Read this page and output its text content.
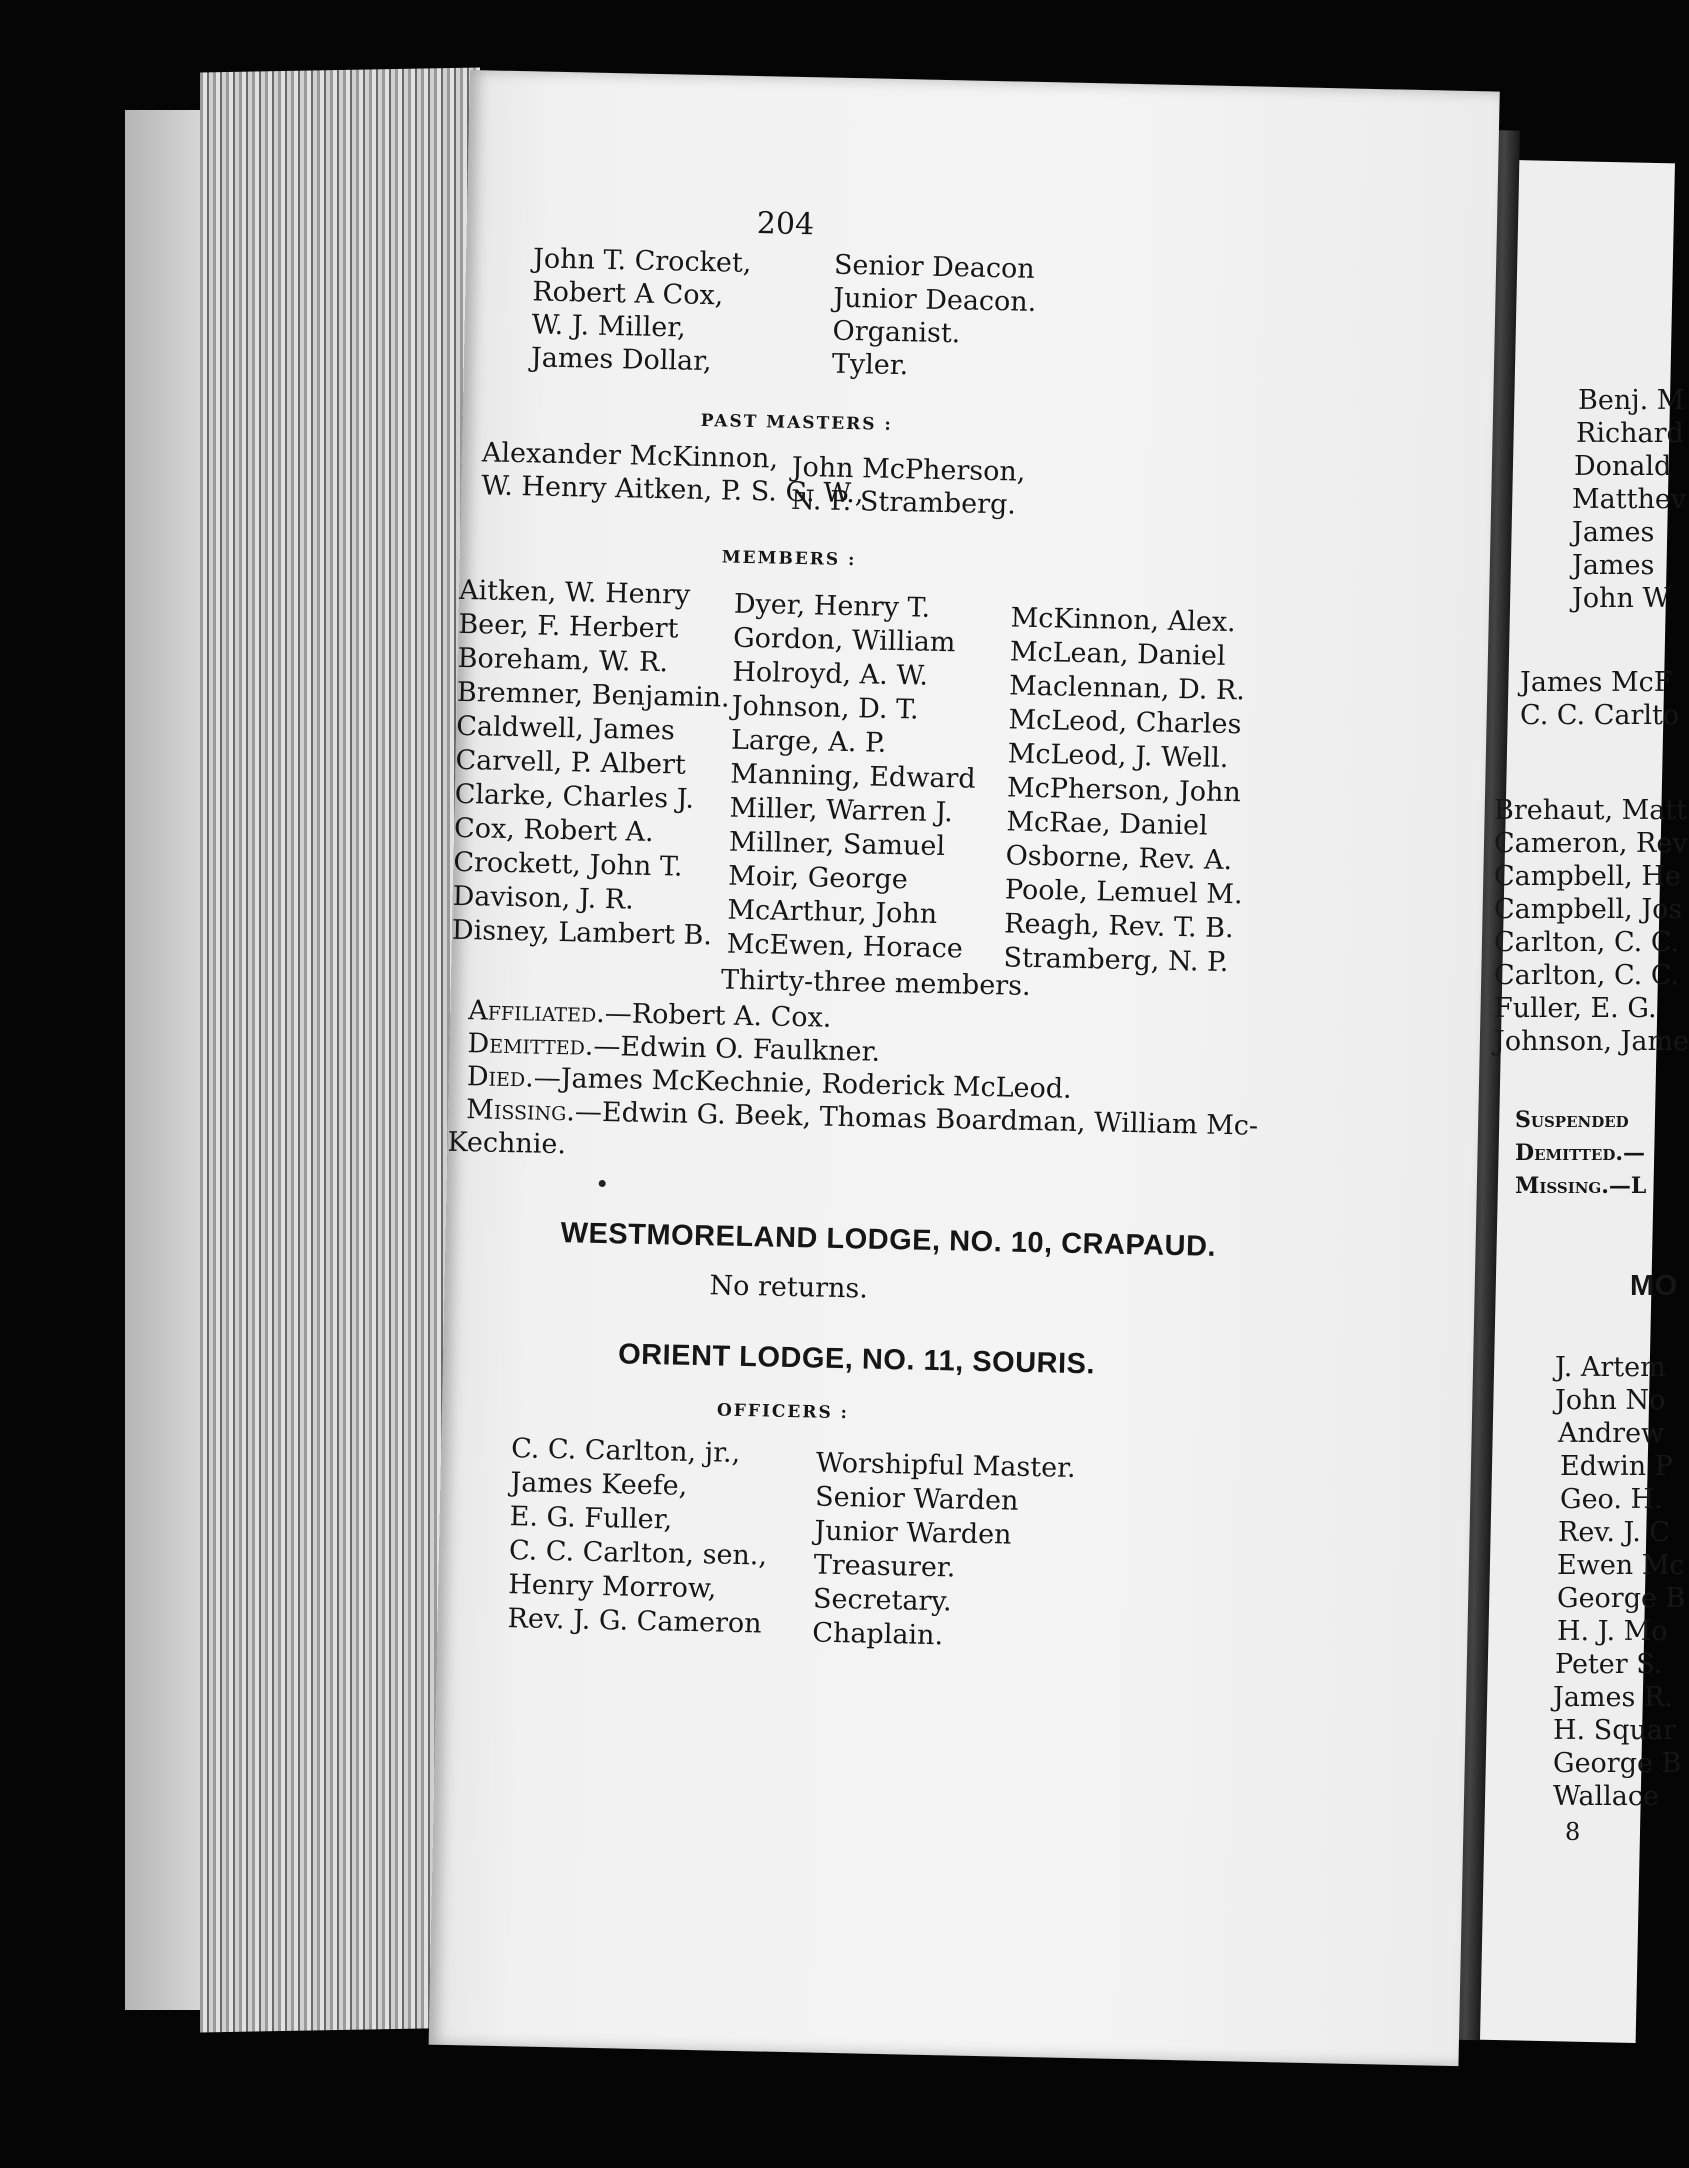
204
John T. Crocket,	Senior Deacon
Robert A Cox,	Junior Deacon.
W. J. Miller,	Organist.
James Dollar,	Tyler.
PAST MASTERS :
Alexander McKinnon,
W. Henry Aitken, P. S. G. W.,
John McPherson,
N. P. Stramberg.
MEMBERS :
Aitken, W. Henry
Beer, F. Herbert
Boreham, W. R.
Bremner, Benjamin.
Caldwell, James
Carvell, P. Albert
Clarke, Charles J.
Cox, Robert A.
Crockett, John T.
Davison, J. R.
Disney, Lambert B.
Dyer, Henry T.
Gordon, William
Holroyd, A. W.
Johnson, D. T.
Large, A. P.
Manning, Edward
Miller, Warren J.
Millner, Samuel
Moir, George
McArthur, John
McEwen, Horace
McKinnon, Alex.
McLean, Daniel
Maclennan, D. R.
McLeod, Charles
McLeod, J. Well.
McPherson, John
McRae, Daniel
Osborne, Rev. A.
Poole, Lemuel M.
Reagh, Rev. T. B.
Stramberg, N. P.
Thirty-three members.
Affiliated.—Robert A. Cox.
Demitted.—Edwin O. Faulkner.
Died.—James McKechnie, Roderick McLeod.
Missing.—Edwin G. Beek, Thomas Boardman, William Mc-
Kechnie.
WESTMORELAND LODGE, NO. 10, CRAPAUD.
No returns.
ORIENT LODGE, NO. 11, SOURIS.
OFFICERS :
C. C. Carlton, jr.,	Worshipful Master.
James Keefe,	Senior Warden
E. G. Fuller,	Junior Warden
C. C. Carlton, sen., Treasurer.
Henry Morrow,	Secretary.
Rev. J. G. Cameron Chaplain.
Benj. M
Richard
Donald
Matthev
James
James
John W
James McF
C. C. Carlto
Brehaut, Matt
Cameron, Rev
Campbell, He
Campbell, Jos
Carlton, C. C.
Carlton, C. C.
Fuller, E. G.
Johnson, Jame
Suspended
Demitted.—
Missing.—L
MO
J. Artem
John No
Andrew
Edwin P
Geo. H.
Rev. J. C
Ewen Mc
George B
H. J. Mo
Peter S.
James R.
H. Squar
George B
Wallace
8
